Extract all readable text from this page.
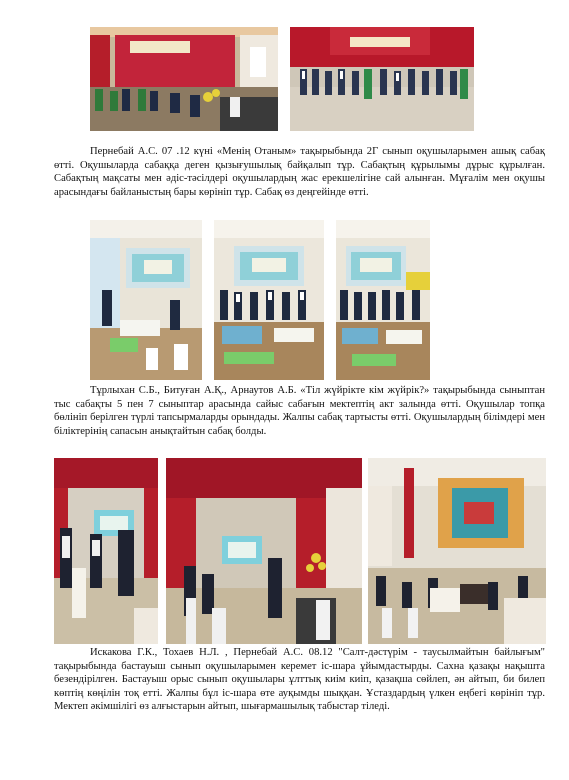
Пернебай А.С. 07 .12 күні «Менің Отаным» тақырыбында 2Г сынып оқушыларымен ашық сабақ өтті. Оқушыларда сабаққа деген қызығушылық байқалып тұр. Сабақтың құрылымы дұрыс құрылған. Сабақтың мақсаты мен әдіс-тәсілдері оқушылардың жас ерекшелігіне сай алынған. Мұғалім мен оқушы арасындағы байланыстың бары көрініп тұр. Сабақ өз деңгейінде өтті.

Тұрлыхан С.Б., Битуған А.Қ., Арнаутов А.Б. «Тіл жүйрікте кім жүйрік?» тақырыбында сыныптан тыс сабақты 5 пен 7 сыныптар арасында сайыс сабағын мектептің акт залында өтті. Оқушылар топқа бөлініп берілген түрлі тапсырмаларды орындады. Жалпы сабақ тартысты өтті. Оқушылардың білімдері мен біліктерінің сапасын анықтайтын сабақ болды.

Искакова Г.К., Тохаев Н.Л. , Пернебай А.С. 08.12 "Салт-дәстүрім - таусылмайтын байлығым" тақырыбында бастауыш сынып оқушыларымен керемет іс-шара ұйымдастырды. Сахна қазақы нақышта безендірілген. Бастауыш орыс сынып оқушылары ұлттық киім киіп, қазақша сөйлеп, ән айтып, би билеп көптің көңілін тоқ етті. Жалпы бұл іс-шара өте ауқымды шыққан. Ұстаздардың үлкен еңбегі көрініп тұр. Мектеп әкімшілігі өз алғыстарын айтып, шығармашылық табыстар тіледі.
